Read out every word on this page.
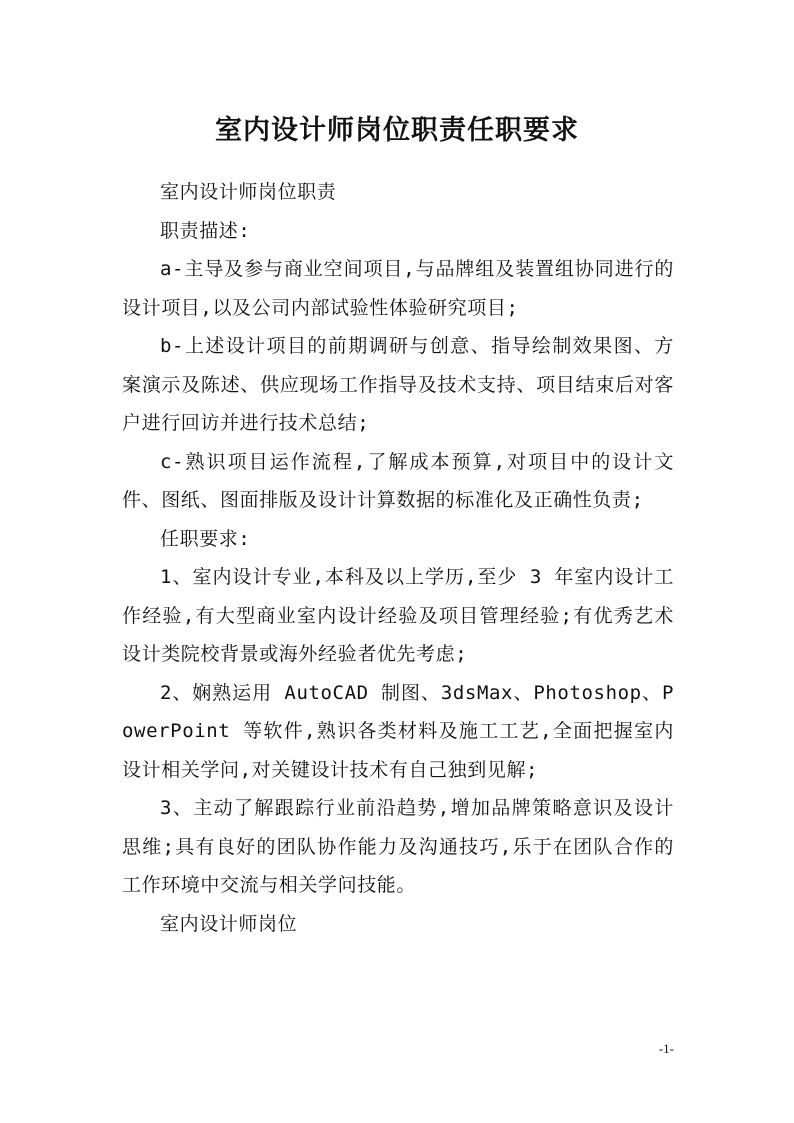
室内设计师岗位职责任职要求

室内设计师岗位职责

职责描述:

a-主导及参与商业空间项目,与品牌组及装置组协同进行的设计项目,以及公司内部试验性体验研究项目;

b-上述设计项目的前期调研与创意、指导绘制效果图、方案演示及陈述、供应现场工作指导及技术支持、项目结束后对客户进行回访并进行技术总结;

c-熟识项目运作流程,了解成本预算,对项目中的设计文件、图纸、图面排版及设计计算数据的标准化及正确性负责;

任职要求:

1、室内设计专业,本科及以上学历,至少 3 年室内设计工作经验,有大型商业室内设计经验及项目管理经验;有优秀艺术设计类院校背景或海外经验者优先考虑;

2、娴熟运用 AutoCAD 制图、3dsMax、Photoshop、PowerPoint 等软件,熟识各类材料及施工工艺,全面把握室内设计相关学问,对关键设计技术有自己独到见解;

3、主动了解跟踪行业前沿趋势,增加品牌策略意识及设计思维;具有良好的团队协作能力及沟通技巧,乐于在团队合作的工作环境中交流与相关学问技能。

室内设计师岗位

-1-
